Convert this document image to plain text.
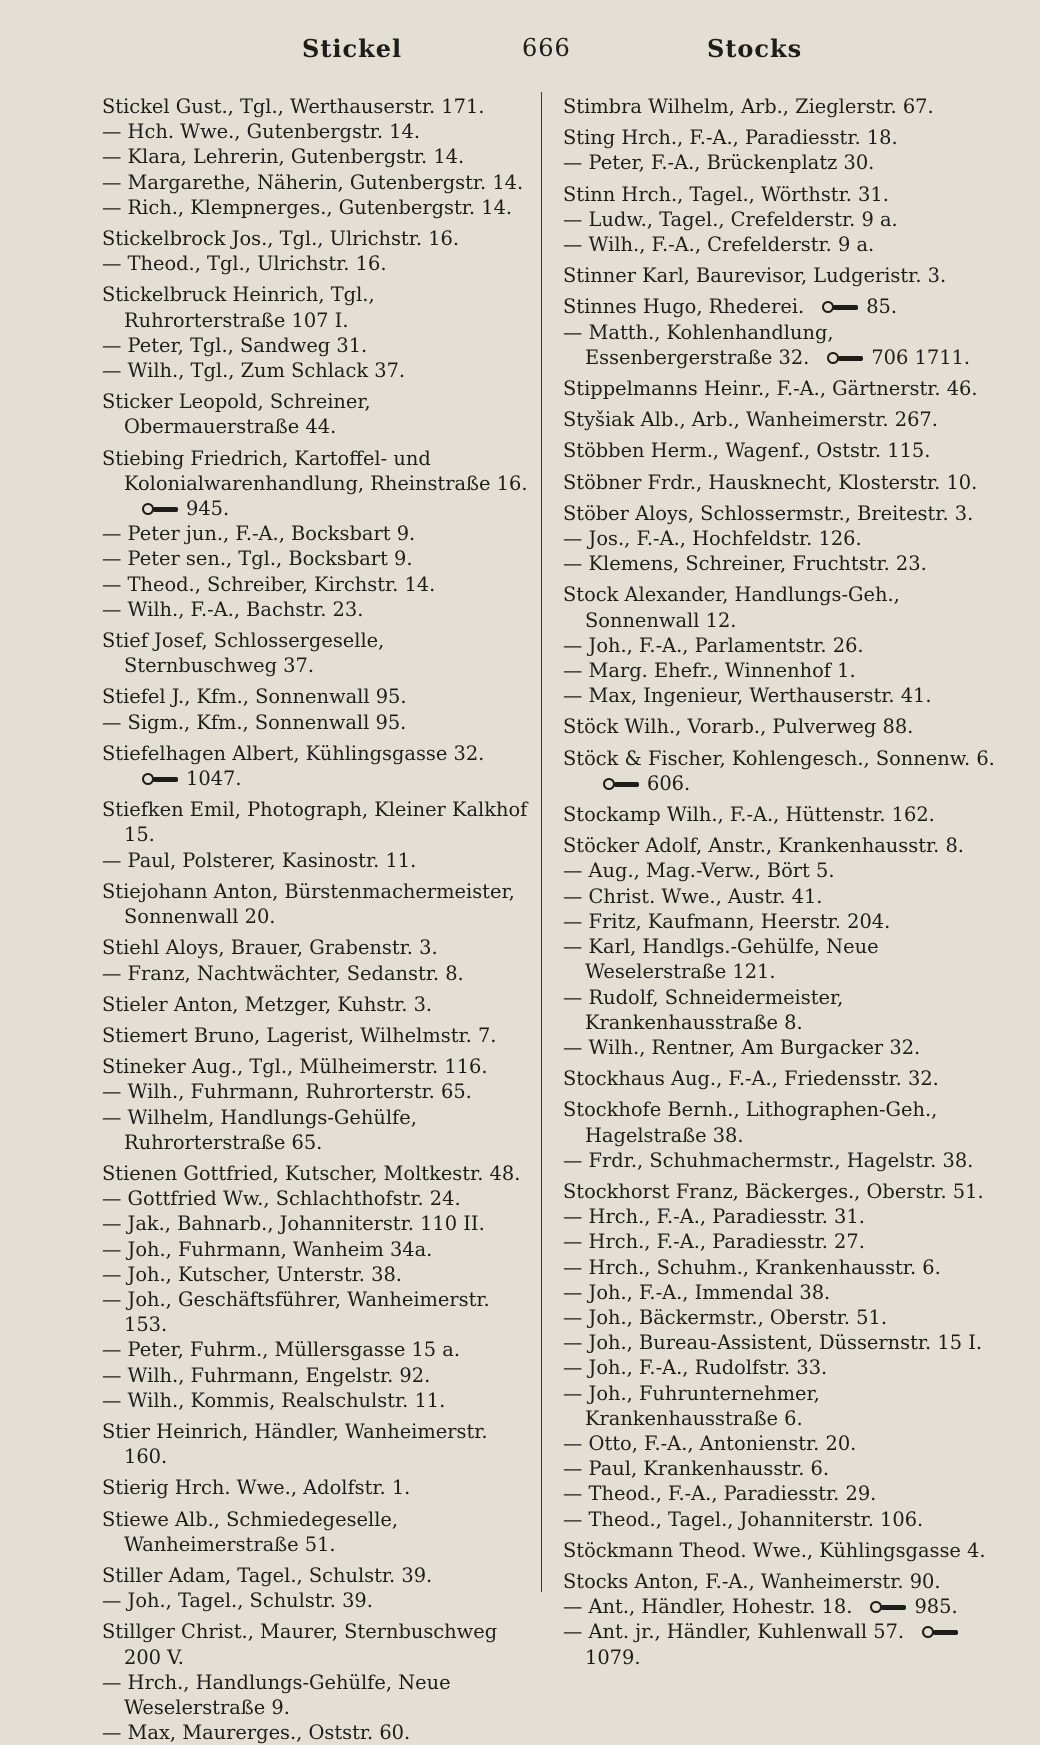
Stickel	666	Stocks
Stickel Gust., Tgl., Werthauserstr. 171.
— Hch. Wwe., Gutenbergstr. 14.
— Klara, Lehrerin, Gutenbergstr. 14.
— Margarethe, Näherin, Gutenbergstr. 14.
— Rich., Klempnerges., Gutenbergstr. 14.
Stickelbrock Jos., Tgl., Ulrichstr. 16.
— Theod., Tgl., Ulrichstr. 16.
Stickelbruck Heinrich, Tgl., Ruhrorterstraße 107 I.
— Peter, Tgl., Sandweg 31.
— Wilh., Tgl., Zum Schlack 37.
Sticker Leopold, Schreiner, Obermauerstraße 44.
Stiebing Friedrich, Kartoffel- und Kolonialwarenhandlung, Rheinstraße 16.945.
— Peter jun., F.-A., Bocksbart 9.
— Peter sen., Tgl., Bocksbart 9.
— Theod., Schreiber, Kirchstr. 14.
— Wilh., F.-A., Bachstr. 23.
Stief Josef, Schlossergeselle, Sternbuschweg 37.
Stiefel J., Kfm., Sonnenwall 95.
— Sigm., Kfm., Sonnenwall 95.
Stiefelhagen Albert, Kühlingsgasse 32.1047.
Stiefken Emil, Photograph, Kleiner Kalkhof 15.
— Paul, Polsterer, Kasinostr. 11.
Stiejohann Anton, Bürstenmachermeister, Sonnenwall 20.
Stiehl Aloys, Brauer, Grabenstr. 3.
— Franz, Nachtwächter, Sedanstr. 8.
Stieler Anton, Metzger, Kuhstr. 3.
Stiemert Bruno, Lagerist, Wilhelmstr. 7.
Stineker Aug., Tgl., Mülheimerstr. 116.
— Wilh., Fuhrmann, Ruhrorterstr. 65.
— Wilhelm, Handlungs-Gehülfe, Ruhrorterstraße 65.
Stienen Gottfried, Kutscher, Moltkestr. 48.
— Gottfried Ww., Schlachthofstr. 24.
— Jak., Bahnarb., Johanniterstr. 110 II.
— Joh., Fuhrmann, Wanheim 34a.
— Joh., Kutscher, Unterstr. 38.
— Joh., Geschäftsführer, Wanheimerstr. 153.
— Peter, Fuhrm., Müllersgasse 15 a.
— Wilh., Fuhrmann, Engelstr. 92.
— Wilh., Kommis, Realschulstr. 11.
Stier Heinrich, Händler, Wanheimerstr. 160.
Stierig Hrch. Wwe., Adolfstr. 1.
Stiewe Alb., Schmiedegeselle, Wanheimerstraße 51.
Stiller Adam, Tagel., Schulstr. 39.
— Joh., Tagel., Schulstr. 39.
Stillger Christ., Maurer, Sternbuschweg 200 V.
— Hrch., Handlungs-Gehülfe, Neue Weselerstraße 9.
— Max, Maurerges., Oststr. 60.
Stimbra Wilhelm, Arb., Zieglerstr. 67.
Sting Hrch., F.-A., Paradiesstr. 18.
— Peter, F.-A., Brückenplatz 30.
Stinn Hrch., Tagel., Wörthstr. 31.
— Ludw., Tagel., Crefelderstr. 9 a.
— Wilh., F.-A., Crefelderstr. 9 a.
Stinner Karl, Baurevisor, Ludgeristr. 3.
Stinnes Hugo, Rhederei.	85.
— Matth., Kohlenhandlung, Essenbergerstraße 32.	706 1711.
Stippelmanns Heinr., F.-A., Gärtnerstr. 46.
Styšiak Alb., Arb., Wanheimerstr. 267.
Stöbben Herm., Wagenf., Oststr. 115.
Stöbner Frdr., Hausknecht, Klosterstr. 10.
Stöber Aloys, Schlossermstr., Breitestr. 3.
— Jos., F.-A., Hochfeldstr. 126.
— Klemens, Schreiner, Fruchtstr. 23.
Stock Alexander, Handlungs-Geh., Sonnenwall 12.
— Joh., F.-A., Parlamentstr. 26.
— Marg. Ehefr., Winnenhof 1.
— Max, Ingenieur, Werthauserstr. 41.
Stöck Wilh., Vorarb., Pulverweg 88.
Stöck & Fischer, Kohlengesch., Sonnenw. 6.606.
Stockamp Wilh., F.-A., Hüttenstr. 162.
Stöcker Adolf, Anstr., Krankenhausstr. 8.
— Aug., Mag.-Verw., Bört 5.
— Christ. Wwe., Austr. 41.
— Fritz, Kaufmann, Heerstr. 204.
— Karl, Handlgs.-Gehülfe, Neue Weselerstraße 121.
— Rudolf, Schneidermeister, Krankenhausstraße 8.
— Wilh., Rentner, Am Burgacker 32.
Stockhaus Aug., F.-A., Friedensstr. 32.
Stockhofe Bernh., Lithographen-Geh., Hagelstraße 38.
— Frdr., Schuhmachermstr., Hagelstr. 38.
Stockhorst Franz, Bäckerges., Oberstr. 51.
— Hrch., F.-A., Paradiesstr. 31.
— Hrch., F.-A., Paradiesstr. 27.
— Hrch., Schuhm., Krankenhausstr. 6.
— Joh., F.-A., Immendal 38.
— Joh., Bäckermstr., Oberstr. 51.
— Joh., Bureau-Assistent, Düssernstr. 15 I.
— Joh., F.-A., Rudolfstr. 33.
— Joh., Fuhrunternehmer, Krankenhausstraße 6.
— Otto, F.-A., Antonienstr. 20.
— Paul, Krankenhausstr. 6.
— Theod., F.-A., Paradiesstr. 29.
— Theod., Tagel., Johanniterstr. 106.
Stöckmann Theod. Wwe., Kühlingsgasse 4.
Stocks Anton, F.-A., Wanheimerstr. 90.
— Ant., Händler, Hohestr. 18.	985.
— Ant. jr., Händler, Kuhlenwall 57.1079.
